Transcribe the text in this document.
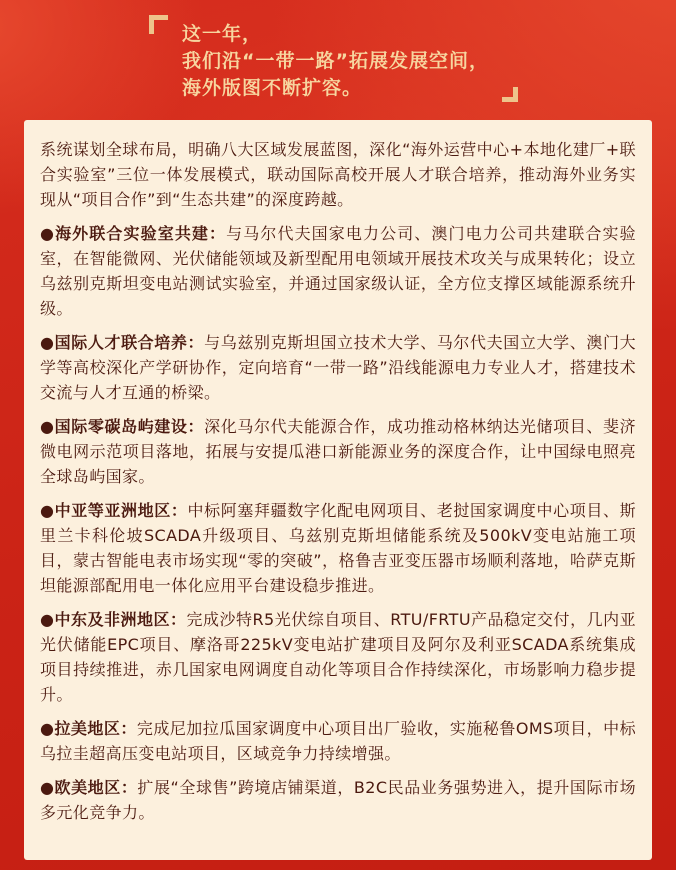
这一年，
我们沿“一带一路”拓展发展空间，
海外版图不断扩容。

系统谋划全球布局，明确八大区域发展蓝图，深化“海外运营中心+本地化建厂+联合实验室”三位一体发展模式，联动国际高校开展人才联合培养，推动海外业务实现从“项目合作”到“生态共建”的深度跨越。

●海外联合实验室共建：与马尔代夫国家电力公司、澳门电力公司共建联合实验室，在智能微网、光伏储能领域及新型配用电领域开展技术攻关与成果转化；设立乌兹别克斯坦变电站测试实验室，并通过国家级认证，全方位支撑区域能源系统升级。

●国际人才联合培养：与乌兹别克斯坦国立技术大学、马尔代夫国立大学、澳门大学等高校深化产学研协作，定向培育“一带一路”沿线能源电力专业人才，搭建技术交流与人才互通的桥梁。

●国际零碳岛屿建设：深化马尔代夫能源合作，成功推动格林纳达光储项目、斐济微电网示范项目落地，拓展与安提瓜港口新能源业务的深度合作，让中国绿电照亮全球岛屿国家。

●中亚等亚洲地区：中标阿塞拜疆数字化配电网项目、老挝国家调度中心项目、斯里兰卡科伦坡SCADA升级项目、乌兹别克斯坦储能系统及500kV变电站施工项目，蒙古智能电表市场实现“零的突破”，格鲁吉亚变压器市场顺利落地，哈萨克斯坦能源部配用电一体化应用平台建设稳步推进。

●中东及非洲地区：完成沙特R5光伏综自项目、RTU/FRTU产品稳定交付，几内亚光伏储能EPC项目、摩洛哥225kV变电站扩建项目及阿尔及利亚SCADA系统集成项目持续推进，赤几国家电网调度自动化等项目合作持续深化，市场影响力稳步提升。

●拉美地区：完成尼加拉瓜国家调度中心项目出厂验收，实施秘鲁OMS项目，中标乌拉圭超高压变电站项目，区域竞争力持续增强。

●欧美地区：扩展“全球售”跨境店铺渠道，B2C民品业务强势进入，提升国际市场多元化竞争力。
